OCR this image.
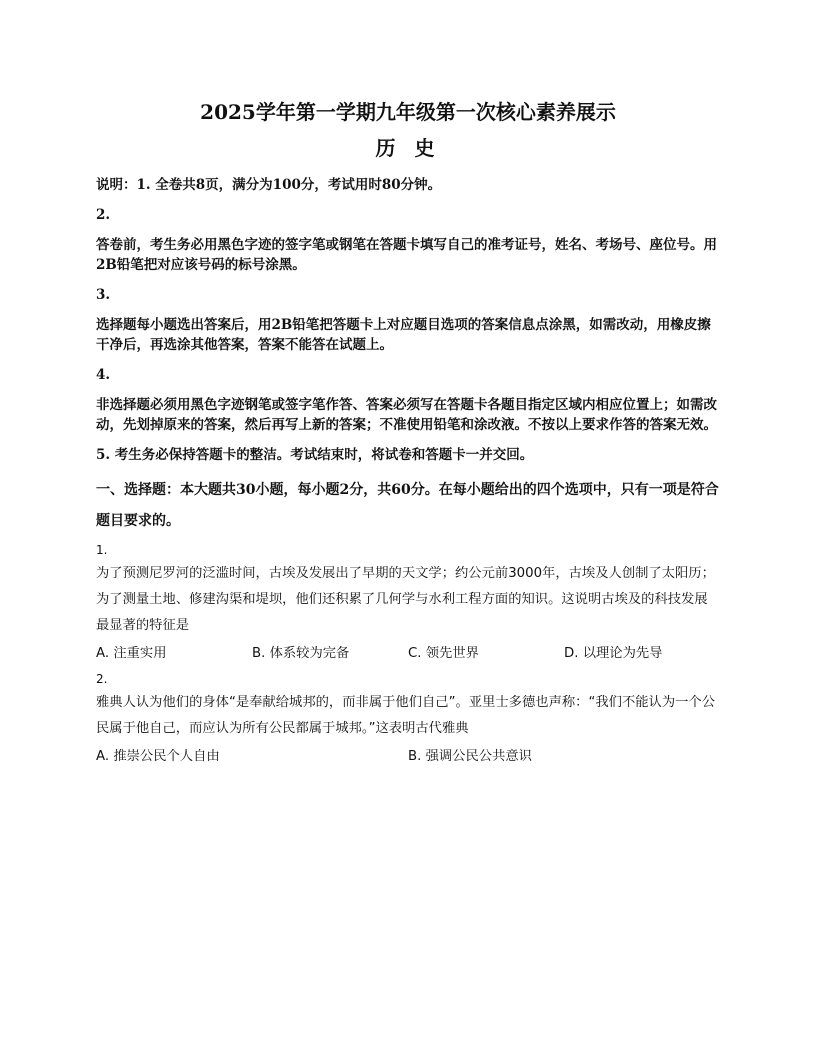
2025学年第一学期九年级第一次核心素养展示
历 史

说明：1. 全卷共8页，满分为100分，考试用时80分钟。

2.

答卷前，考生务必用黑色字迹的签字笔或钢笔在答题卡填写自己的准考证号，姓名、考场号、座位号。用2B铅笔把对应该号码的标号涂黑。

3.

选择题每小题选出答案后，用2B铅笔把答题卡上对应题目选项的答案信息点涂黑，如需改动，用橡皮擦干净后，再选涂其他答案，答案不能答在试题上。

4.

非选择题必须用黑色字迹钢笔或签字笔作答、答案必须写在答题卡各题目指定区域内相应位置上；如需改动，先划掉原来的答案，然后再写上新的答案；不准使用铅笔和涂改液。不按以上要求作答的答案无效。

5. 考生务必保持答题卡的整洁。考试结束时，将试卷和答题卡一并交回。

一、选择题：本大题共30小题，每小题2分，共60分。在每小题给出的四个选项中，只有一项是符合题目要求的。

1.

为了预测尼罗河的泛滥时间，古埃及发展出了早期的天文学；约公元前3000年，古埃及人创制了太阳历；为了测量土地、修建沟渠和堤坝，他们还积累了几何学与水利工程方面的知识。这说明古埃及的科技发展最显著的特征是

A. 注重实用	B. 体系较为完备	C. 领先世界	D. 以理论为先导
2.

雅典人认为他们的身体“是奉献给城邦的，而非属于他们自己”。亚里士多德也声称：“我们不能认为一个公民属于他自己，而应认为所有公民都属于城邦。”这表明古代雅典

A. 推崇公民个人自由	B. 强调公民公共意识
